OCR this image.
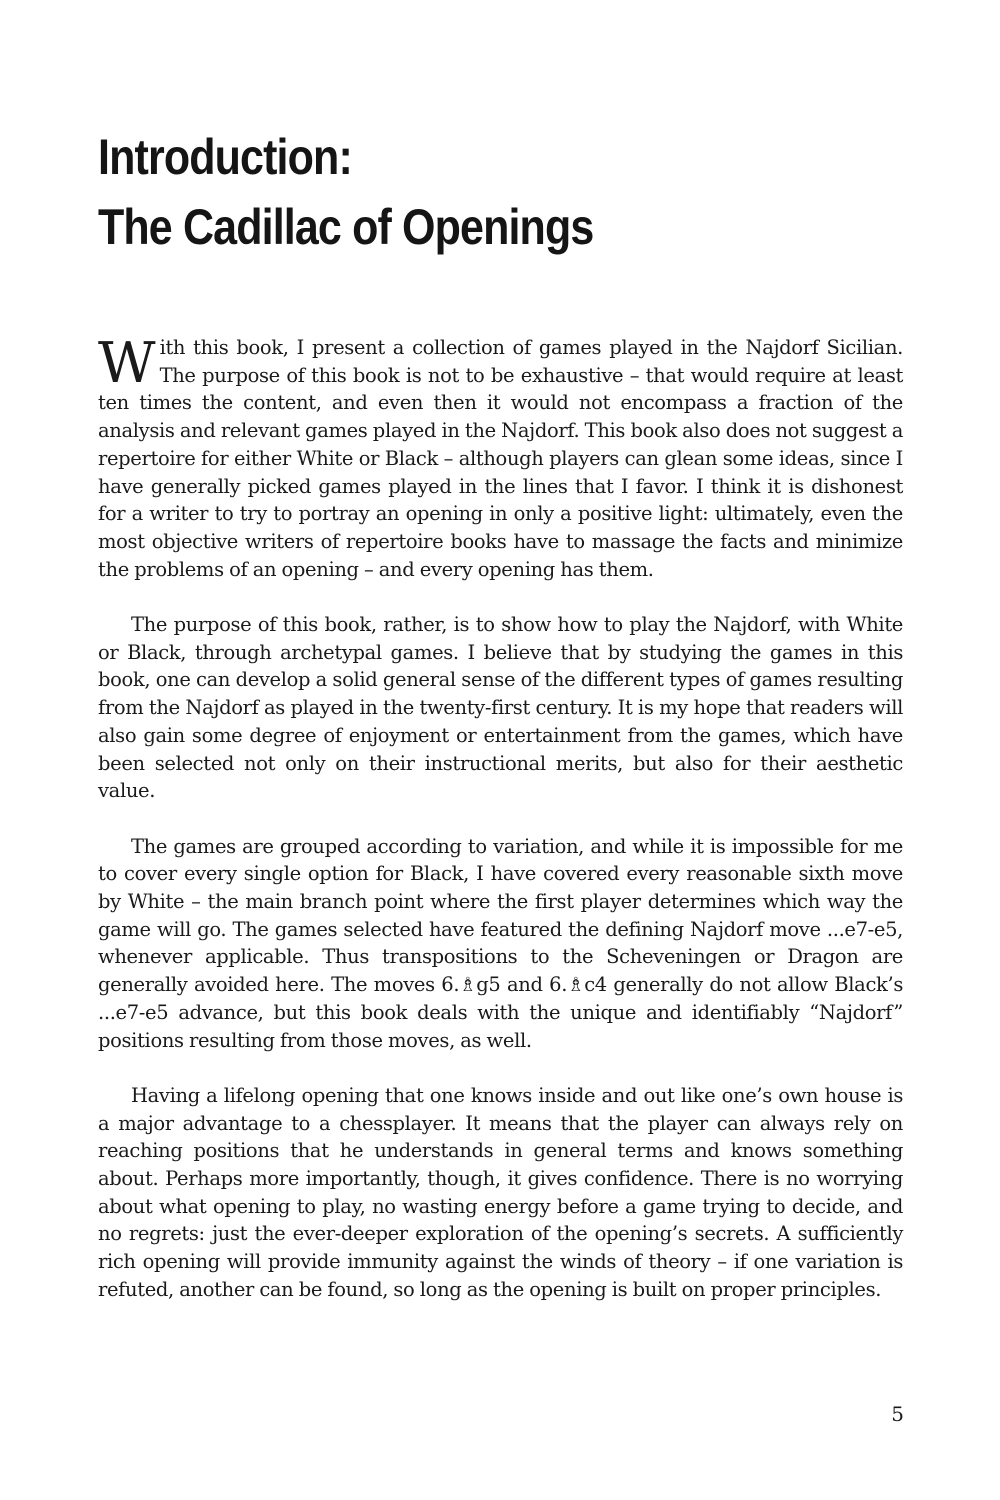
Introduction:
The Cadillac of Openings

With this book, I present a collection of games played in the Najdorf Sicilian. The purpose of this book is not to be exhaustive – that would require at least ten times the content, and even then it would not encompass a fraction of the analysis and relevant games played in the Najdorf. This book also does not suggest a repertoire for either White or Black – although players can glean some ideas, since I have generally picked games played in the lines that I favor. I think it is dishonest for a writer to try to portray an opening in only a positive light: ultimately, even the most objective writers of repertoire books have to massage the facts and minimize the problems of an opening – and every opening has them.

The purpose of this book, rather, is to show how to play the Najdorf, with White or Black, through archetypal games. I believe that by studying the games in this book, one can develop a solid general sense of the different types of games resulting from the Najdorf as played in the twenty-first century. It is my hope that readers will also gain some degree of enjoyment or entertainment from the games, which have been selected not only on their instructional merits, but also for their aesthetic value.

The games are grouped according to variation, and while it is impossible for me to cover every single option for Black, I have covered every reasonable sixth move by White – the main branch point where the first player determines which way the game will go. The games selected have featured the defining Najdorf move ...e7-e5, whenever applicable. Thus transpositions to the Scheveningen or Dragon are generally avoided here. The moves 6.♗g5 and 6.♗c4 generally do not allow Black’s ...e7-e5 advance, but this book deals with the unique and identifiably “Najdorf” positions resulting from those moves, as well.

Having a lifelong opening that one knows inside and out like one’s own house is a major advantage to a chessplayer. It means that the player can always rely on reaching positions that he understands in general terms and knows something about. Perhaps more importantly, though, it gives confidence. There is no worrying about what opening to play, no wasting energy before a game trying to decide, and no regrets: just the ever-deeper exploration of the opening’s secrets. A sufficiently rich opening will provide immunity against the winds of theory – if one variation is refuted, another can be found, so long as the opening is built on proper principles.

5
